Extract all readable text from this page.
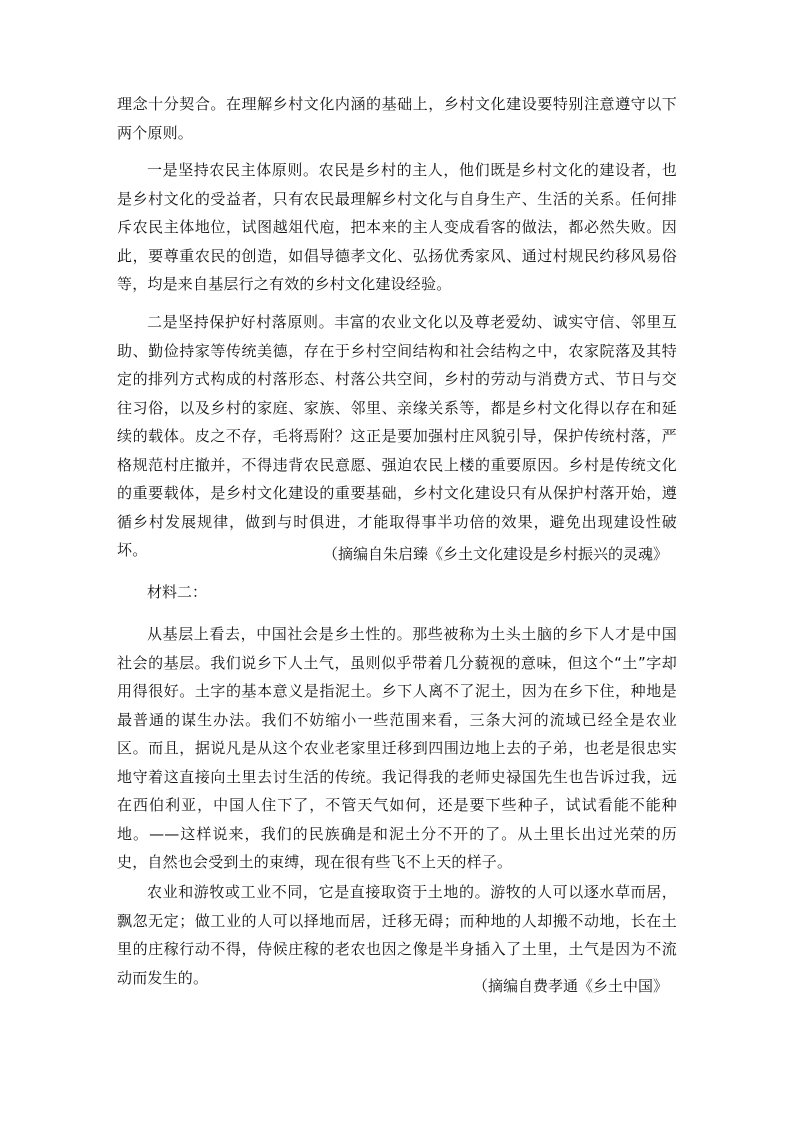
理念十分契合。在理解乡村文化内涵的基础上，乡村文化建设要特别注意遵守以下两个原则。

一是坚持农民主体原则。农民是乡村的主人，他们既是乡村文化的建设者，也是乡村文化的受益者，只有农民最理解乡村文化与自身生产、生活的关系。任何排斥农民主体地位，试图越俎代庖，把本来的主人变成看客的做法，都必然失败。因此，要尊重农民的创造，如倡导德孝文化、弘扬优秀家风、通过村规民约移风易俗等，均是来自基层行之有效的乡村文化建设经验。

二是坚持保护好村落原则。丰富的农业文化以及尊老爱幼、诚实守信、邻里互助、勤俭持家等传统美德，存在于乡村空间结构和社会结构之中，农家院落及其特定的排列方式构成的村落形态、村落公共空间，乡村的劳动与消费方式、节日与交往习俗，以及乡村的家庭、家族、邻里、亲缘关系等，都是乡村文化得以存在和延续的载体。皮之不存，毛将焉附？这正是要加强村庄风貌引导，保护传统村落，严格规范村庄撤并，不得违背农民意愿、强迫农民上楼的重要原因。乡村是传统文化的重要载体，是乡村文化建设的重要基础，乡村文化建设只有从保护村落开始，遵循乡村发展规律，做到与时俱进，才能取得事半功倍的效果，避免出现建设性破坏。	（摘编自朱启臻《乡土文化建设是乡村振兴的灵魂》
材料二：

从基层上看去，中国社会是乡土性的。那些被称为土头土脑的乡下人才是中国社会的基层。我们说乡下人土气，虽则似乎带着几分藐视的意味，但这个“土”字却用得很好。土字的基本意义是指泥土。乡下人离不了泥土，因为在乡下住，种地是最普通的谋生办法。我们不妨缩小一些范围来看，三条大河的流域已经全是农业区。而且，据说凡是从这个农业老家里迁移到四围边地上去的子弟，也老是很忠实地守着这直接向土里去讨生活的传统。我记得我的老师史禄国先生也告诉过我，远在西伯利亚，中国人住下了，不管天气如何，还是要下些种子，试试看能不能种地。——这样说来，我们的民族确是和泥土分不开的了。从土里长出过光荣的历史，自然也会受到土的束缚，现在很有些飞不上天的样子。

农业和游牧或工业不同，它是直接取资于土地的。游牧的人可以逐水草而居，飘忽无定；做工业的人可以择地而居，迁移无碍；而种地的人却搬不动地，长在土里的庄稼行动不得，侍候庄稼的老农也因之像是半身插入了土里，土气是因为不流动而发生的。	（摘编自费孝通《乡土中国》
